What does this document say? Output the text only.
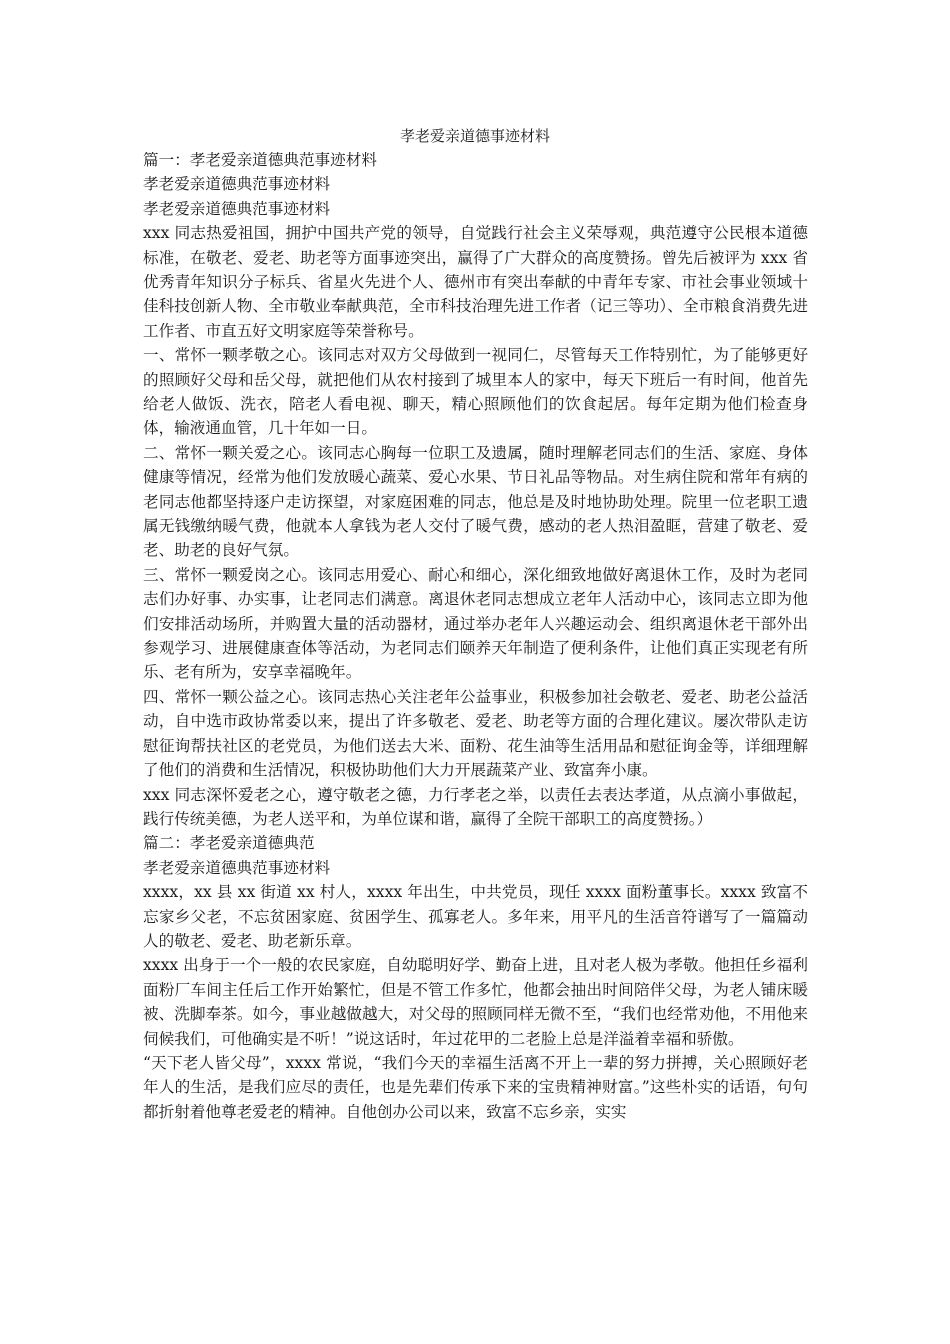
孝老爱亲道德事迹材料
篇一：孝老爱亲道德典范事迹材料
孝老爱亲道德典范事迹材料
孝老爱亲道德典范事迹材料
xxx 同志热爱祖国，拥护中国共产党的领导，自觉践行社会主义荣辱观，典范遵守公民根本道德标准，在敬老、爱老、助老等方面事迹突出，赢得了广大群众的高度赞扬。曾先后被评为 xxx 省优秀青年知识分子标兵、省星火先进个人、德州市有突出奉献的中青年专家、市社会事业领域十佳科技创新人物、全市敬业奉献典范，全市科技治理先进工作者（记三等功）、全市粮食消费先进工作者、市直五好文明家庭等荣誉称号。
一、常怀一颗孝敬之心。该同志对双方父母做到一视同仁，尽管每天工作特别忙，为了能够更好的照顾好父母和岳父母，就把他们从农村接到了城里本人的家中，每天下班后一有时间，他首先给老人做饭、洗衣，陪老人看电视、聊天，精心照顾他们的饮食起居。每年定期为他们检查身体，输液通血管，几十年如一日。
二、常怀一颗关爱之心。该同志心胸每一位职工及遗属，随时理解老同志们的生活、家庭、身体健康等情况，经常为他们发放暖心蔬菜、爱心水果、节日礼品等物品。对生病住院和常年有病的老同志他都坚持逐户走访探望，对家庭困难的同志，他总是及时地协助处理。院里一位老职工遗属无钱缴纳暖气费，他就本人拿钱为老人交付了暖气费，感动的老人热泪盈眶，营建了敬老、爱老、助老的良好气氛。
三、常怀一颗爱岗之心。该同志用爱心、耐心和细心，深化细致地做好离退休工作，及时为老同志们办好事、办实事，让老同志们满意。离退休老同志想成立老年人活动中心，该同志立即为他们安排活动场所，并购置大量的活动器材，通过举办老年人兴趣运动会、组织离退休老干部外出参观学习、进展健康查体等活动，为老同志们颐养天年制造了便利条件，让他们真正实现老有所乐、老有所为，安享幸福晚年。
四、常怀一颗公益之心。该同志热心关注老年公益事业，积极参加社会敬老、爱老、助老公益活动，自中选市政协常委以来，提出了许多敬老、爱老、助老等方面的合理化建议。屡次带队走访慰征询帮扶社区的老党员，为他们送去大米、面粉、花生油等生活用品和慰征询金等，详细理解了他们的消费和生活情况，积极协助他们大力开展蔬菜产业、致富奔小康。
xxx 同志深怀爱老之心，遵守敬老之德，力行孝老之举，以责任去表达孝道，从点滴小事做起，践行传统美德，为老人送平和，为单位谋和谐，赢得了全院干部职工的高度赞扬。）
篇二：孝老爱亲道德典范
孝老爱亲道德典范事迹材料
xxxx，xx 县 xx 街道 xx 村人，xxxx 年出生，中共党员，现任 xxxx 面粉董事长。xxxx 致富不忘家乡父老，不忘贫困家庭、贫困学生、孤寡老人。多年来，用平凡的生活音符谱写了一篇篇动人的敬老、爱老、助老新乐章。
xxxx 出身于一个一般的农民家庭，自幼聪明好学、勤奋上进，且对老人极为孝敬。他担任乡福利面粉厂车间主任后工作开始繁忙，但是不管工作多忙，他都会抽出时间陪伴父母，为老人铺床暖被、洗脚奉茶。如今，事业越做越大，对父母的照顾同样无微不至，“我们也经常劝他，不用他来伺候我们，可他确实是不听！”说这话时，年过花甲的二老脸上总是洋溢着幸福和骄傲。
“天下老人皆父母”，xxxx 常说，“我们今天的幸福生活离不开上一辈的努力拼搏，关心照顾好老年人的生活，是我们应尽的责任，也是先辈们传承下来的宝贵精神财富。”这些朴实的话语，句句都折射着他尊老爱老的精神。自他创办公司以来，致富不忘乡亲，实实
